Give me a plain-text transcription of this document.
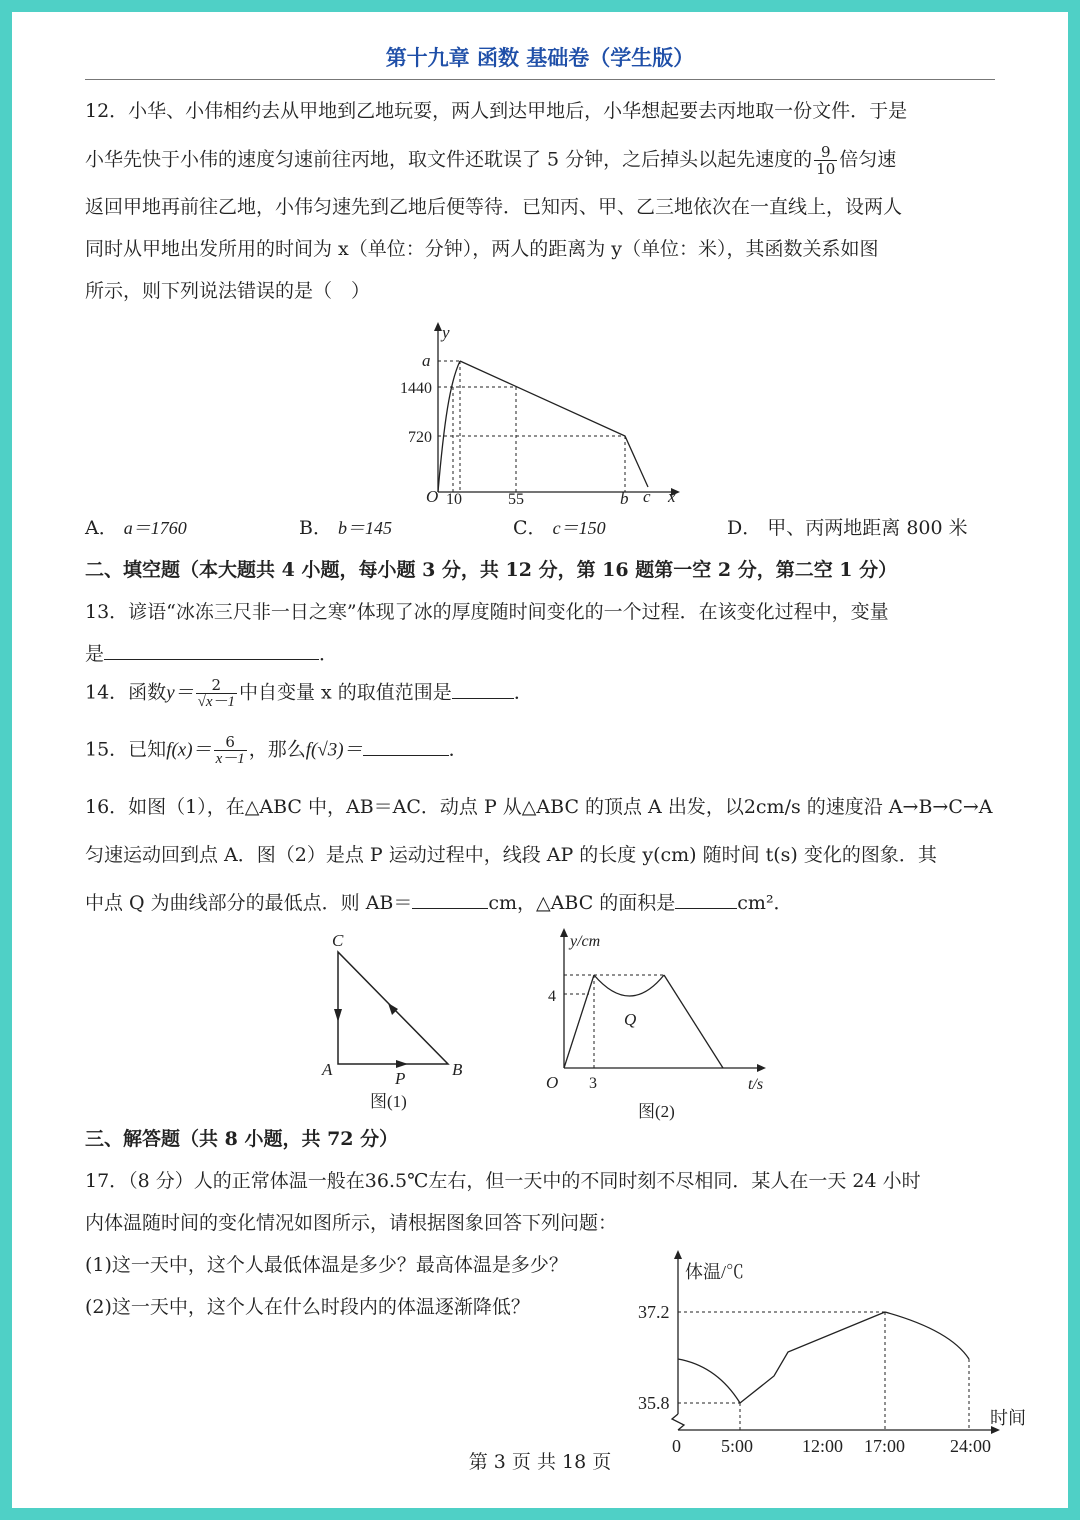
第十九章 函数 基础卷（学生版）
12．小华、小伟相约去从甲地到乙地玩耍，两人到达甲地后，小华想起要去丙地取一份文件．于是
小华先快于小伟的速度匀速前往丙地，取文件还耽误了 5 分钟，之后掉头以起先速度的 $\frac{9}{10}$ 倍匀速
返回甲地再前往乙地，小伟匀速先到乙地后便等待．已知丙、甲、乙三地依次在一直线上，设两人
同时从甲地出发所用的时间为 x（单位：分钟），两人的距离为 y（单位：米），其函数关系如图
所示，则下列说法错误的是（　）
y
x
O
a
1440
720
10	55	b c
A． a＝1760	B． b＝145	C． c＝150	D． 甲、丙两地距离 800 米
二、填空题（本大题共 4 小题，每小题 3 分，共 12 分，第 16 题第一空 2 分，第二空 1 分）
13．谚语“冰冻三尺非一日之寒”体现了冰的厚度随时间变化的一个过程．在该变化过程中，变量
是	．
14．函数$y= \frac{2}{√x-1}$ 中自变量 x 的取值范围是	．
15．已知$f(x)= \frac{6}{x-1}$ ，那么f(√3)＝	．
16．如图（1），在△ABC 中，AB＝AC．动点 P 从△ABC 的顶点 A 出发，以2cm/s 的速度沿 A→B→C→A
匀速运动回到点 A．图（2）是点 P 运动过程中，线段 AP 的长度 y(cm) 随时间 t(s) 变化的图象．其
中点 Q 为曲线部分的最低点．则 AB＝	cm，△ABC 的面积是	cm²．
C
A	B
P
图(1)
y/cm
t/s
O
4
3
Q
图(2)
三、解答题（共 8 小题，共 72 分）
17．（8 分）人的正常体温一般在36.5℃左右，但一天中的不同时刻不尽相同．某人在一天 24 小时
内体温随时间的变化情况如图所示，请根据图象回答下列问题：
(1)这一天中，这个人最低体温是多少？最高体温是多少？
(2)这一天中，这个人在什么时段内的体温逐渐降低？
体温/℃
时间
37.2
35.8
0 5:00	12:00 17:00 24:00
第 3 页 共 18 页
